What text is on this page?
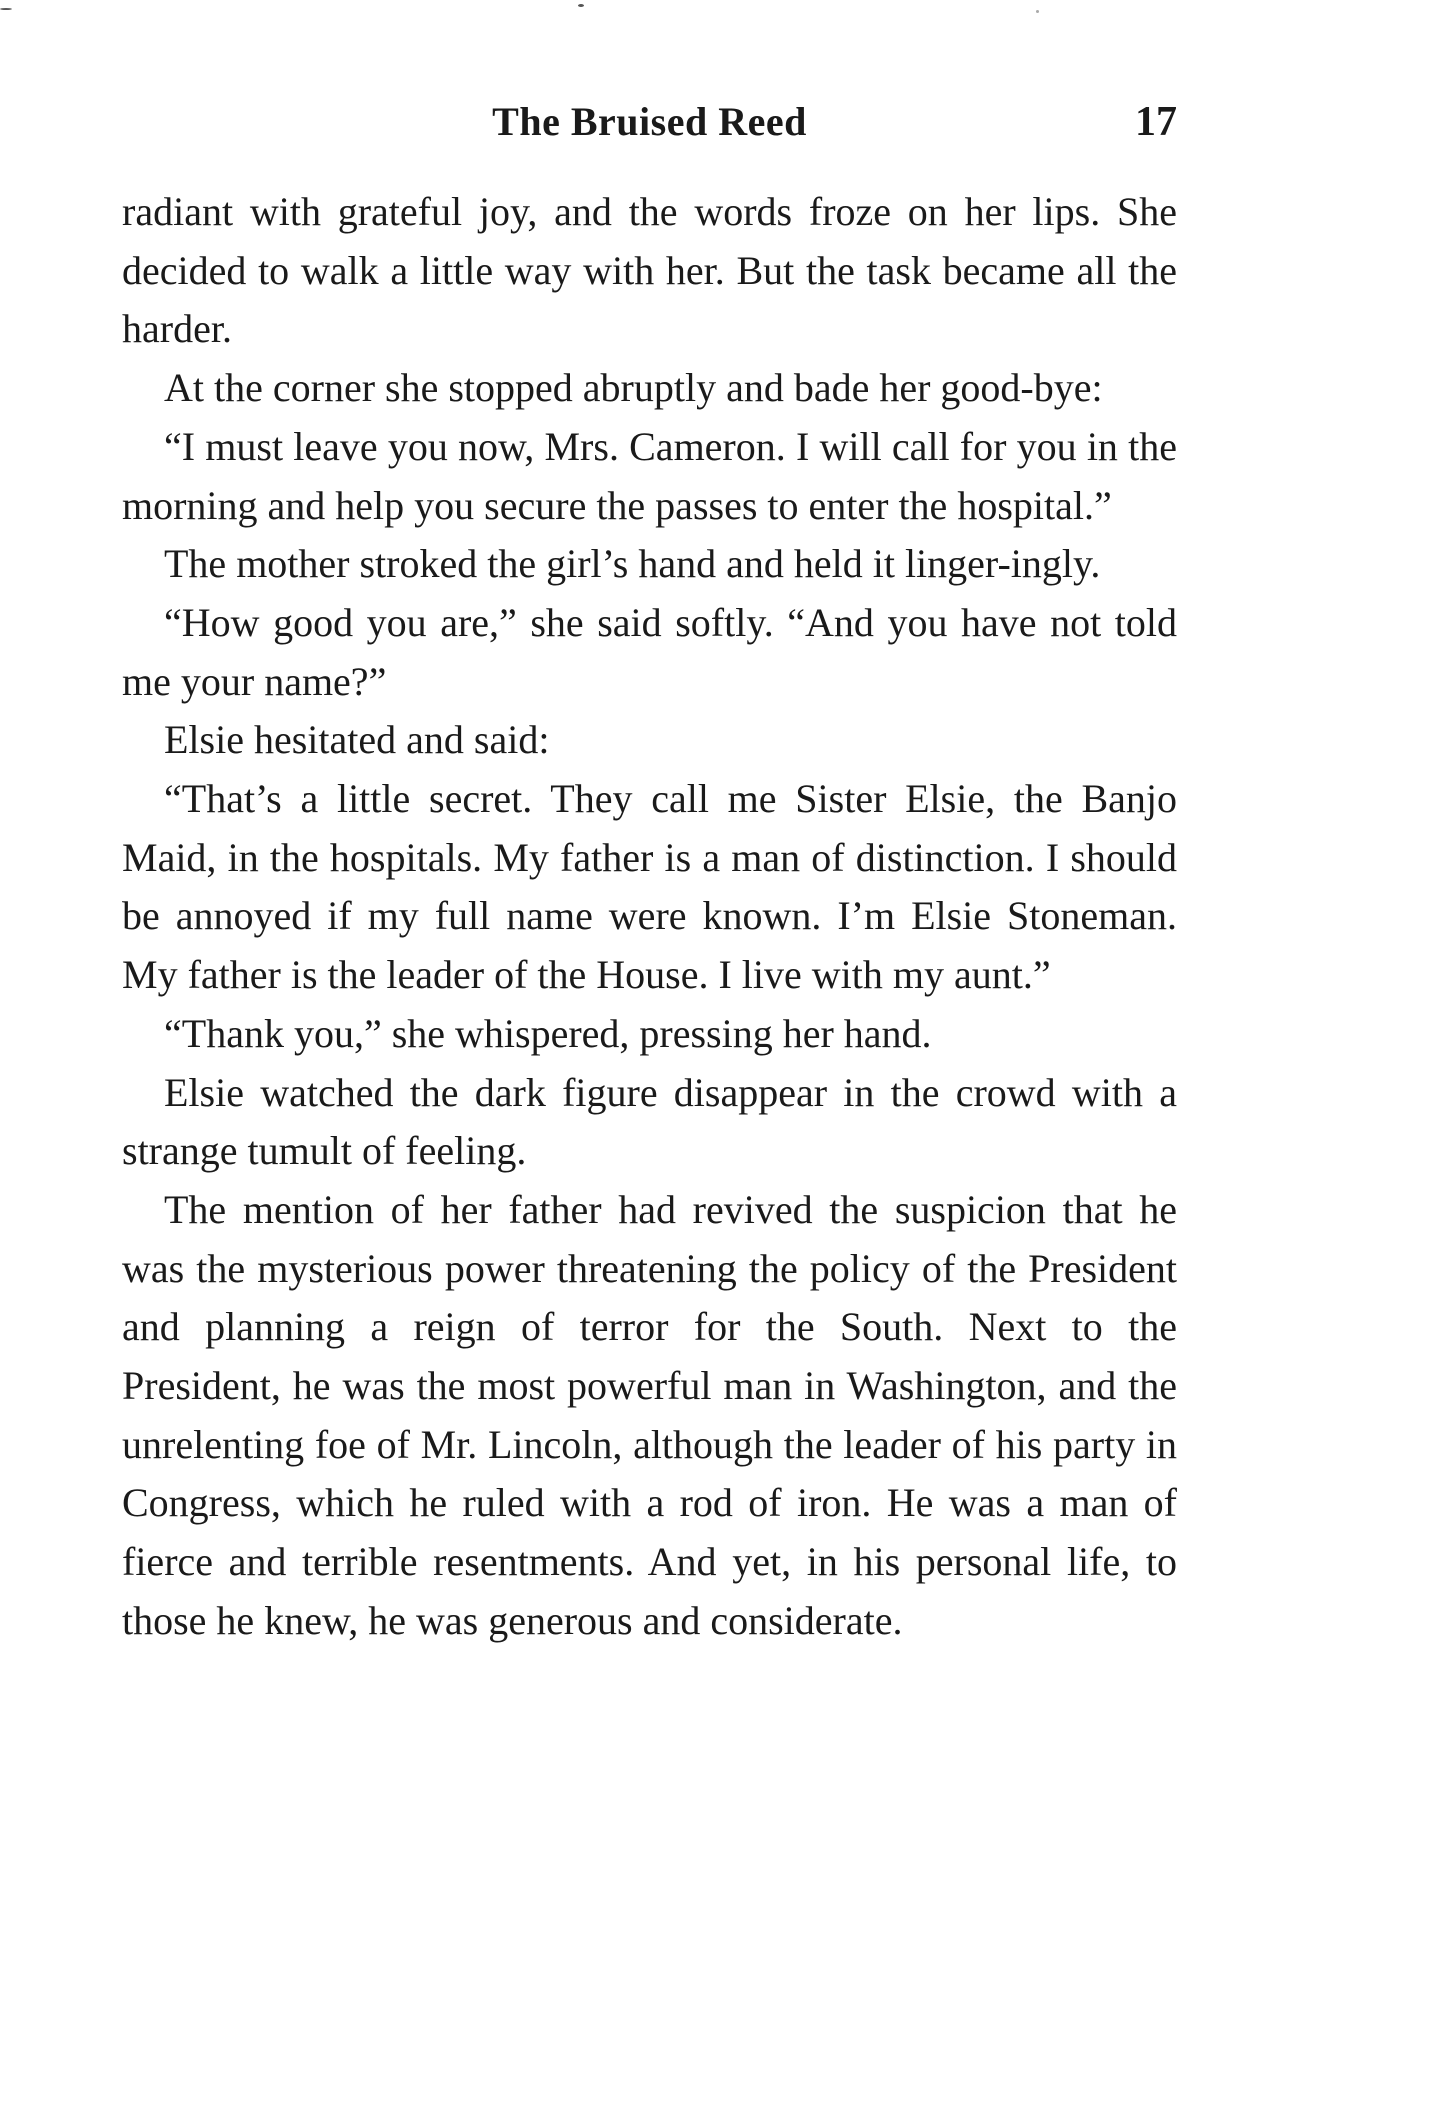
The Bruised Reed	17

radiant with grateful joy, and the words froze on her lips. She decided to walk a little way with her. But the task became all the harder.

At the corner she stopped abruptly and bade her good-bye:

“I must leave you now, Mrs. Cameron. I will call for you in the morning and help you secure the passes to enter the hospital.”

The mother stroked the girl’s hand and held it linger-ingly.

“How good you are,” she said softly. “And you have not told me your name?”

Elsie hesitated and said:

“That’s a little secret. They call me Sister Elsie, the Banjo Maid, in the hospitals. My father is a man of distinction. I should be annoyed if my full name were known. I’m Elsie Stoneman. My father is the leader of the House. I live with my aunt.”

“Thank you,” she whispered, pressing her hand.

Elsie watched the dark figure disappear in the crowd with a strange tumult of feeling.

The mention of her father had revived the suspicion that he was the mysterious power threatening the policy of the President and planning a reign of terror for the South. Next to the President, he was the most powerful man in Washington, and the unrelenting foe of Mr. Lincoln, although the leader of his party in Congress, which he ruled with a rod of iron. He was a man of fierce and terrible resentments. And yet, in his personal life, to those he knew, he was generous and considerate.
